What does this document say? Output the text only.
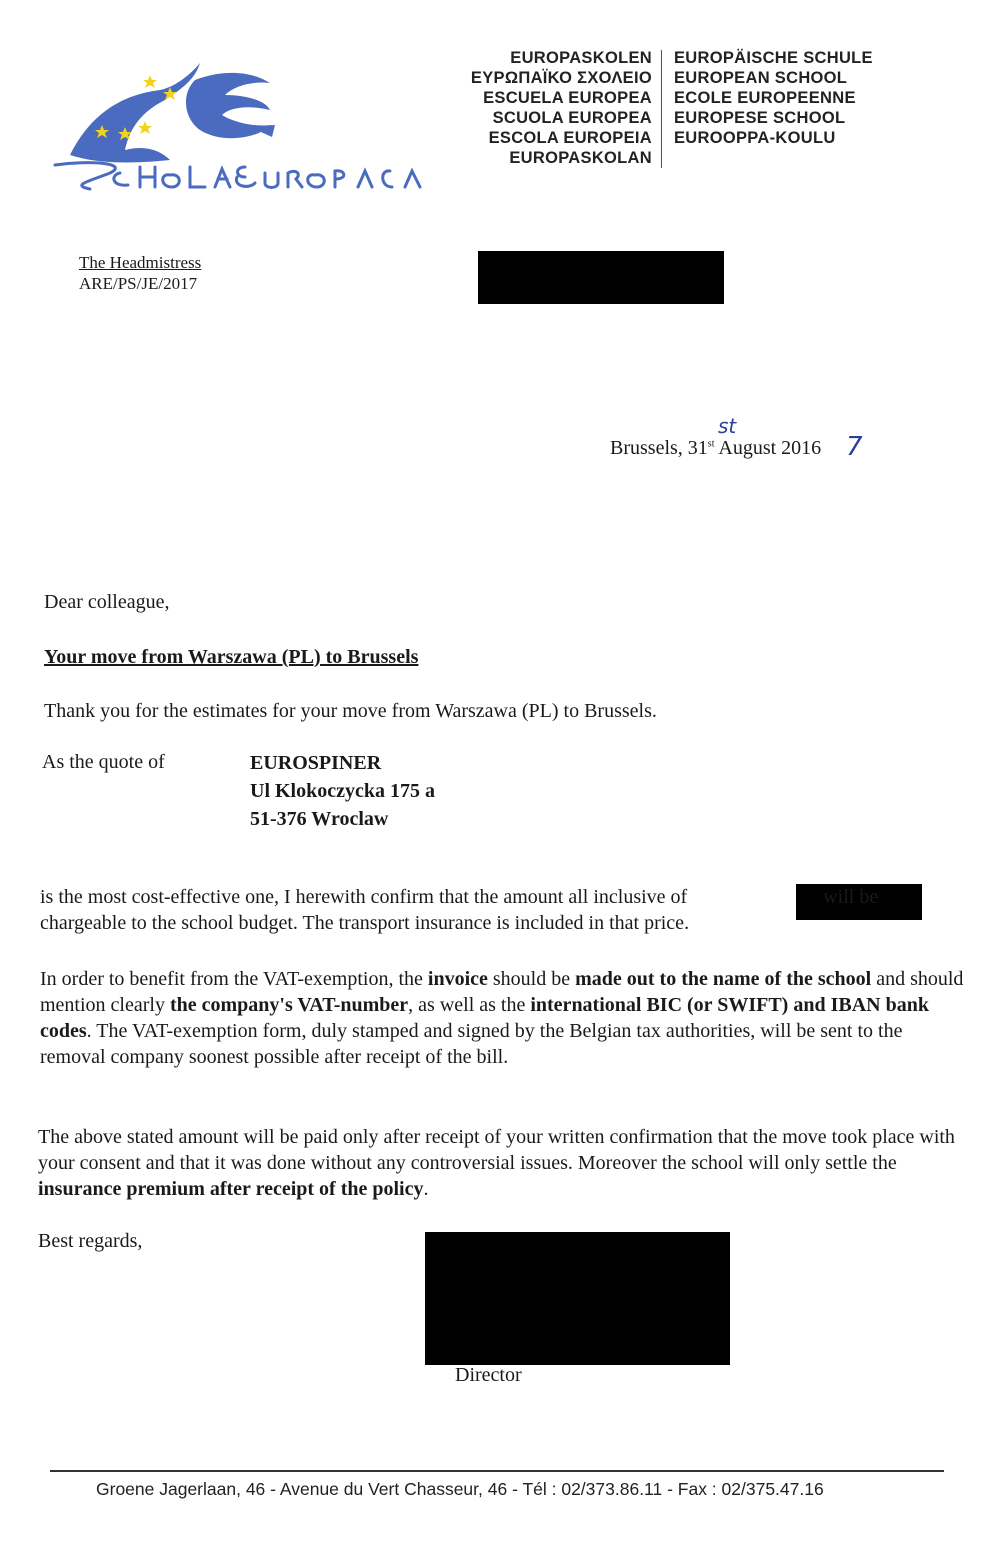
SCHOLAEUROPAEA
EUROPASKOLEN
ΕΥΡΩΠΑΪΚΟ ΣΧΟΛΕΙΟ
ESCUELA EUROPEA
SCUOLA EUROPEA
ESCOLA EUROPEIA
EUROPASKOLAN
EUROPÄISCHE SCHULE
EUROPEAN SCHOOL
ECOLE EUROPEENNE
EUROPESE SCHOOL
EUROOPPA-KOULU
The Headmistress
ARE/PS/JE/2017
Brussels, 31st August 2016
st
7
Dear colleague,
Your move from Warszawa (PL) to Brussels
Thank you for the estimates for your move from Warszawa (PL) to Brussels.
As the quote of	EUROSPINER
Ul Klokoczycka 175 a
51-376 Wroclaw
is the most cost-effective one, I herewith confirm that the amount all inclusive of	will be chargeable to the school budget. The transport insurance is included in that price.
In order to benefit from the VAT-exemption, the invoice should be made out to the name of the school and should mention clearly the company's VAT-number, as well as the international BIC (or SWIFT) and IBAN bank codes. The VAT-exemption form, duly stamped and signed by the Belgian tax authorities, will be sent to the removal company soonest possible after receipt of the bill.
The above stated amount will be paid only after receipt of your written confirmation that the move took place with your consent and that it was done without any controversial issues. Moreover the school will only settle the insurance premium after receipt of the policy.
Best regards,
Director
Groene Jagerlaan, 46 - Avenue du Vert Chasseur, 46 - Tél : 02/373.86.11 - Fax : 02/375.47.16
